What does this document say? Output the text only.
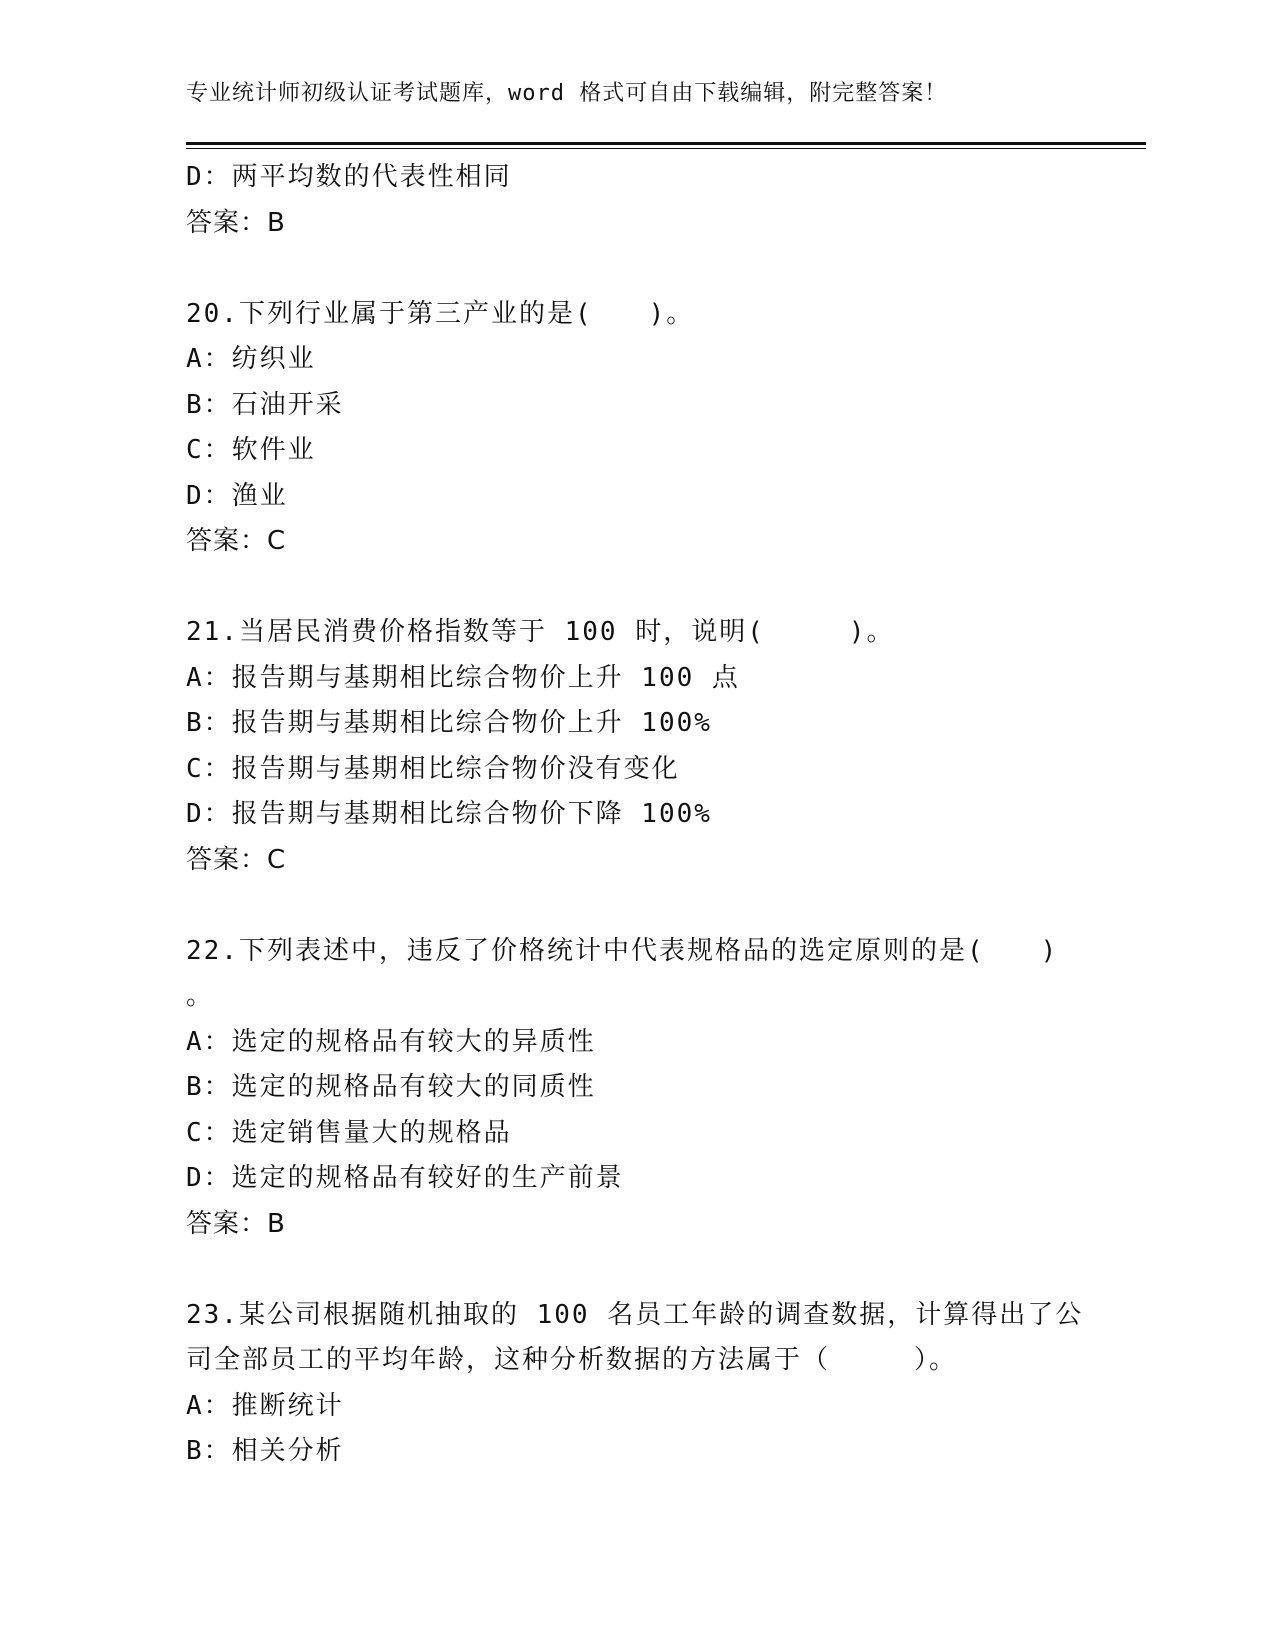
专业统计师初级认证考试题库，word 格式可自由下载编辑，附完整答案！
D：两平均数的代表性相同
答案：B
20.下列行业属于第三产业的是(　　)。
A：纺织业
B：石油开采
C：软件业
D：渔业
答案：C
21.当居民消费价格指数等于 100 时，说明(　　　)。
A：报告期与基期相比综合物价上升 100 点
B：报告期与基期相比综合物价上升 100%
C：报告期与基期相比综合物价没有变化
D：报告期与基期相比综合物价下降 100%
答案：C
22.下列表述中，违反了价格统计中代表规格品的选定原则的是(　　)
。
A：选定的规格品有较大的异质性
B：选定的规格品有较大的同质性
C：选定销售量大的规格品
D：选定的规格品有较好的生产前景
答案：B
23.某公司根据随机抽取的 100 名员工年龄的调查数据，计算得出了公
司全部员工的平均年龄，这种分析数据的方法属于（　　　）。
A：推断统计
B：相关分析
